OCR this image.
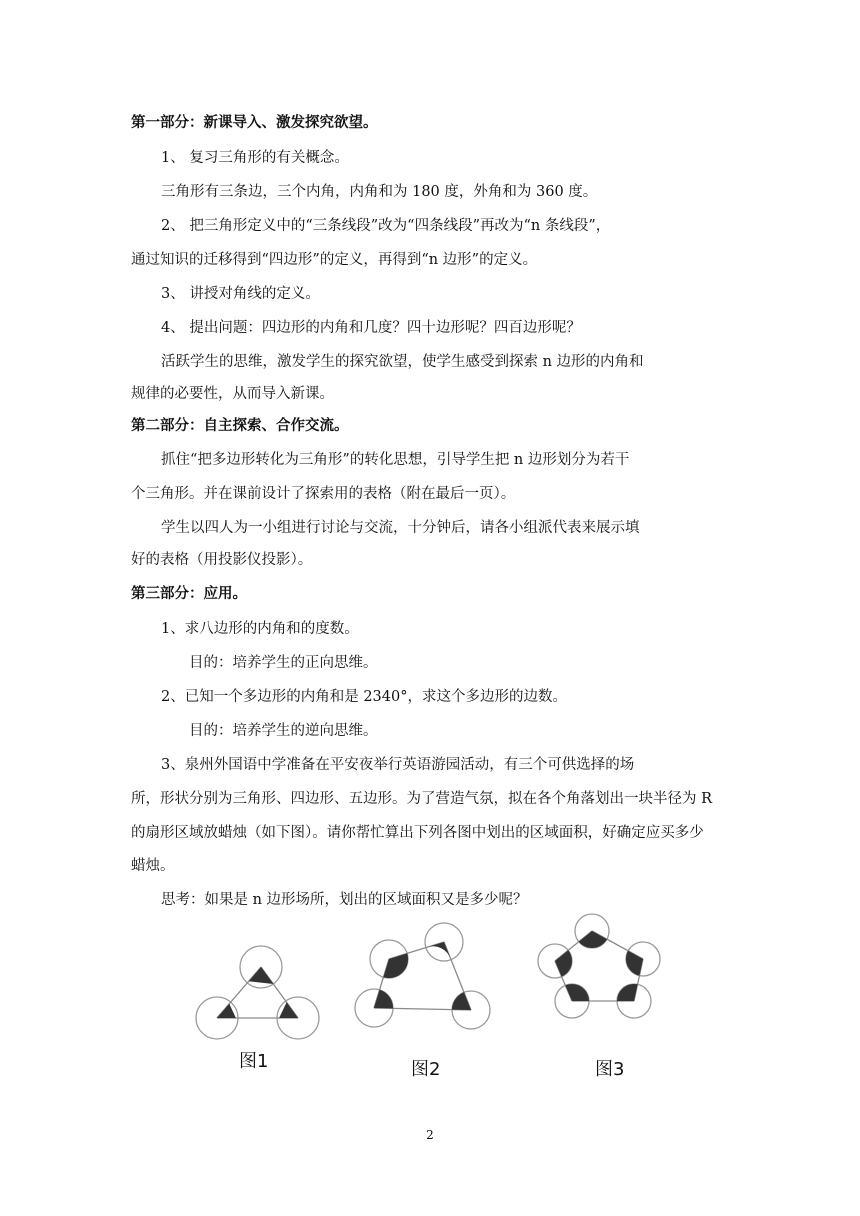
第一部分：新课导入、激发探究欲望。
1、 复习三角形的有关概念。
三角形有三条边，三个内角，内角和为 180 度，外角和为 360 度。
2、 把三角形定义中的“三条线段”改为“四条线段”再改为“n 条线段”，
通过知识的迁移得到“四边形”的定义，再得到“n 边形”的定义。
3、 讲授对角线的定义。
4、 提出问题：四边形的内角和几度？四十边形呢？四百边形呢？
活跃学生的思维，激发学生的探究欲望，使学生感受到探索 n 边形的内角和
规律的必要性，从而导入新课。
第二部分：自主探索、合作交流。
抓住“把多边形转化为三角形”的转化思想，引导学生把 n 边形划分为若干
个三角形。并在课前设计了探索用的表格（附在最后一页）。
学生以四人为一小组进行讨论与交流，十分钟后，请各小组派代表来展示填
好的表格（用投影仪投影）。
第三部分：应用。
1、求八边形的内角和的度数。
目的：培养学生的正向思维。
2、已知一个多边形的内角和是 2340°，求这个多边形的边数。
目的：培养学生的逆向思维。
3、泉州外国语中学准备在平安夜举行英语游园活动，有三个可供选择的场
所，形状分别为三角形、四边形、五边形。为了营造气氛，拟在各个角落划出一块半径为 R
的扇形区域放蜡烛（如下图）。请你帮忙算出下列各图中划出的区域面积，好确定应买多少
蜡烛。
思考：如果是 n 边形场所，划出的区域面积又是多少呢？
图1	图2	图3
2
